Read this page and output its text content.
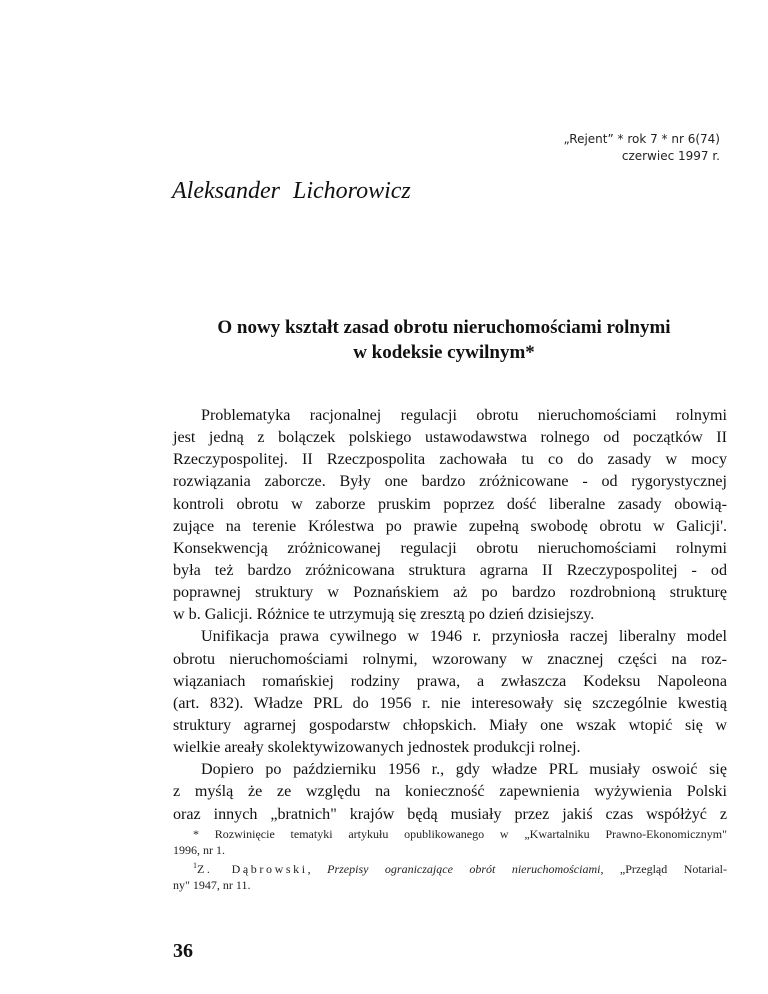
„Rejent” * rok 7 * nr 6(74)
czerwiec 1997 r.
Aleksander Lichorowicz
O nowy kształt zasad obrotu nieruchomościami rolnymi
w kodeksie cywilnym*
Problematyka racjonalnej regulacji obrotu nieruchomościami rolnymi
jest jedną z bolączek polskiego ustawodawstwa rolnego od początków II
Rzeczypospolitej. II Rzeczpospolita zachowała tu co do zasady w mocy
rozwiązania zaborcze. Były one bardzo zróżnicowane - od rygorystycznej
kontroli obrotu w zaborze pruskim poprzez dość liberalne zasady obowią-
zujące na terenie Królestwa po prawie zupełną swobodę obrotu w Galicji'.
Konsekwencją zróżnicowanej regulacji obrotu nieruchomościami rolnymi
była też bardzo zróżnicowana struktura agrarna II Rzeczypospolitej - od
poprawnej struktury w Poznańskiem aż po bardzo rozdrobnioną strukturę
w b. Galicji. Różnice te utrzymują się zresztą po dzień dzisiejszy.
Unifikacja prawa cywilnego w 1946 r. przyniosła raczej liberalny model
obrotu nieruchomościami rolnymi, wzorowany w znacznej części na roz-
wiązaniach romańskiej rodziny prawa, a zwłaszcza Kodeksu Napoleona
(art. 832). Władze PRL do 1956 r. nie interesowały się szczególnie kwestią
struktury agrarnej gospodarstw chłopskich. Miały one wszak wtopić się w
wielkie areały skolektywizowanych jednostek produkcji rolnej.
Dopiero po październiku 1956 r., gdy władze PRL musiały oswoić się
z myślą że ze względu na konieczność zapewnienia wyżywienia Polski
oraz innych „bratnich" krajów będą musiały przez jakiś czas współżyć z
* Rozwinięcie tematyki artykułu opublikowanego w „Kwartalniku Prawno-Ekonomicznym"
1996, nr 1.
$^1$Z. Dąbrowski, Przepisy ograniczające obrót nieruchomościami, „Przegląd Notarial-
ny" 1947, nr 11.
36
